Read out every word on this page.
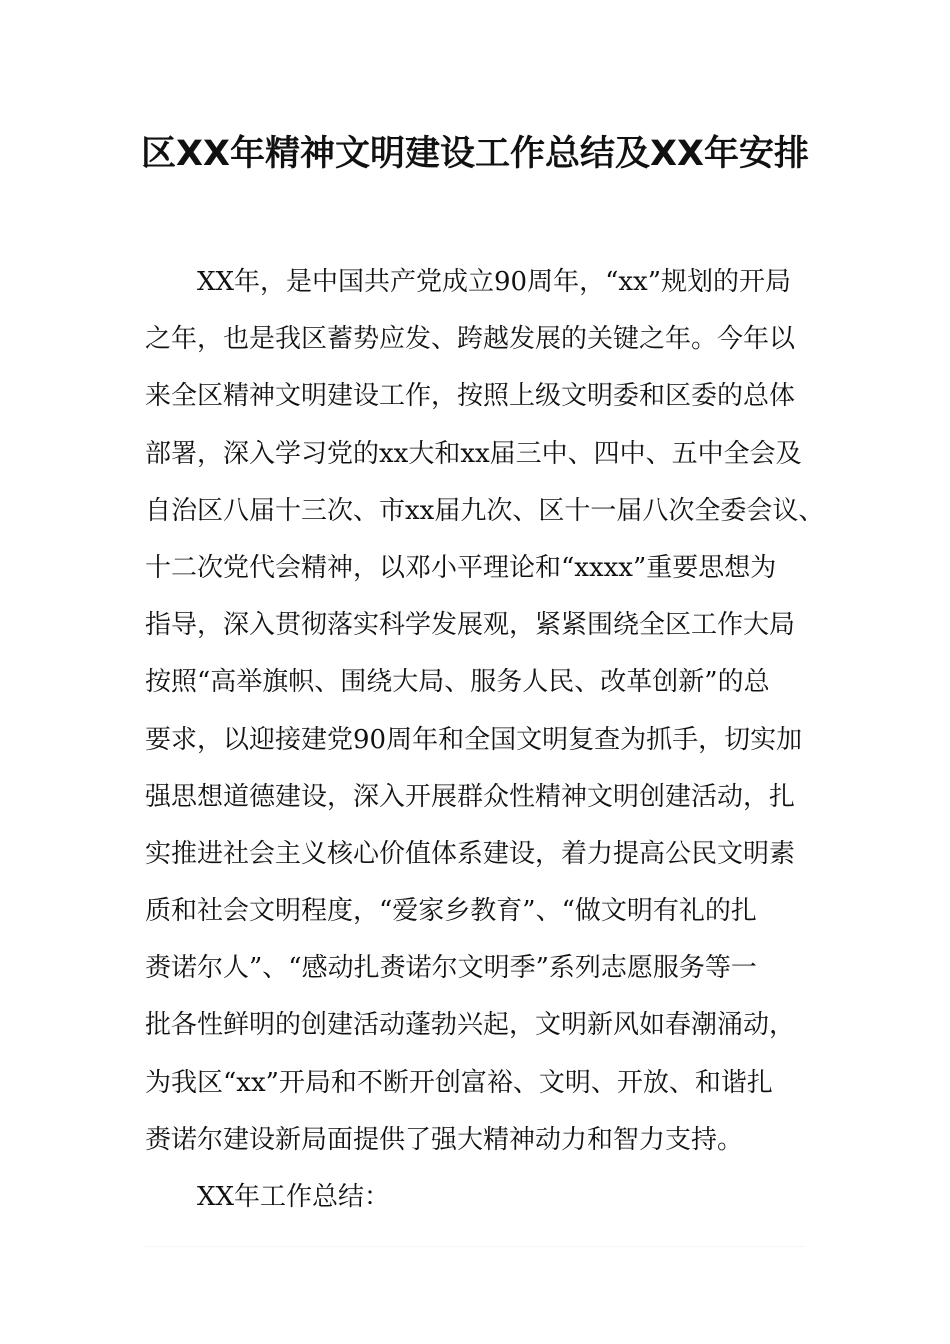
区XX年精神文明建设工作总结及XX年安排
XX年，是中国共产党成立90周年，“xx”规划的开局
之年，也是我区蓄势应发、跨越发展的关键之年。今年以
来全区精神文明建设工作，按照上级文明委和区委的总体
部署，深入学习党的xx大和xx届三中、四中、五中全会及
自治区八届十三次、市xx届九次、区十一届八次全委会议、
十二次党代会精神，以邓小平理论和“xxxx”重要思想为
指导，深入贯彻落实科学发展观，紧紧围绕全区工作大局
按照“高举旗帜、围绕大局、服务人民、改革创新”的总
要求，以迎接建党90周年和全国文明复查为抓手，切实加
强思想道德建设，深入开展群众性精神文明创建活动，扎
实推进社会主义核心价值体系建设，着力提高公民文明素
质和社会文明程度，“爱家乡教育”、“做文明有礼的扎
赉诺尔人”、“感动扎赉诺尔文明季”系列志愿服务等一
批各性鲜明的创建活动蓬勃兴起，文明新风如春潮涌动，
为我区“xx”开局和不断开创富裕、文明、开放、和谐扎
赉诺尔建设新局面提供了强大精神动力和智力支持。
XX年工作总结：
